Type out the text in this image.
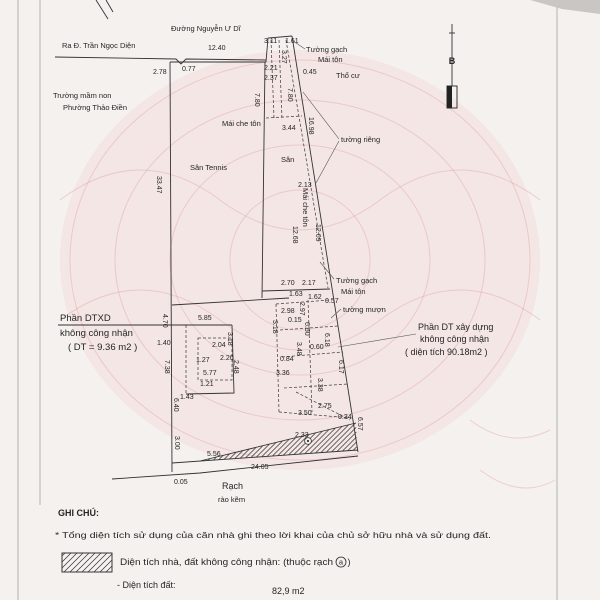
B
Đường Nguyễn Ư Dĩ
Ra Đ. Trần Ngọc Diện	Tường gạch
Mái tôn
Thổ cư
Trường mầm non
Phường Thảo Điền
Mái che tôn
Sân
Sân Tennis
tường riêng
Mái che tôn
Tường gạch
Mái tôn
tường mượn
Phần DTXD
không công nhận
( DT = 9.36 m2 )
Phần DT xây dựng
không công nhận
( diện tích 90.18m2 )
Rạch
rào kẽm
12.40
3.11 1.61
2.78 0.77
3.27
2.21
2.37
0.45
7.80	7.80
3.44 16.98
33.47	2.13
12.68 12.69
2.70 2.17
1.63 1.62
0.57
2.97
2.98
5.85
4.70	3.18 0.15
6.50
3.18
1.40	2.04
2.20
1.27	2.48
5.77
1.21
1.43
7.38
0.60
3.48
0.84
3.36
3.38
6.17
6.18
3.50
2.75
0.34
2.33
6.57
6.40
3.00
5.56
24.05
0.05
GHI CHÚ:
* Tổng diện tích sử dụng của căn nhà ghi theo lời khai của chủ sở hữu nhà và sử dụng đất.
Diện tích nhà, đất không công nhận: (thuộc rạch a )
- Diện tích đất:
82,9 m2
